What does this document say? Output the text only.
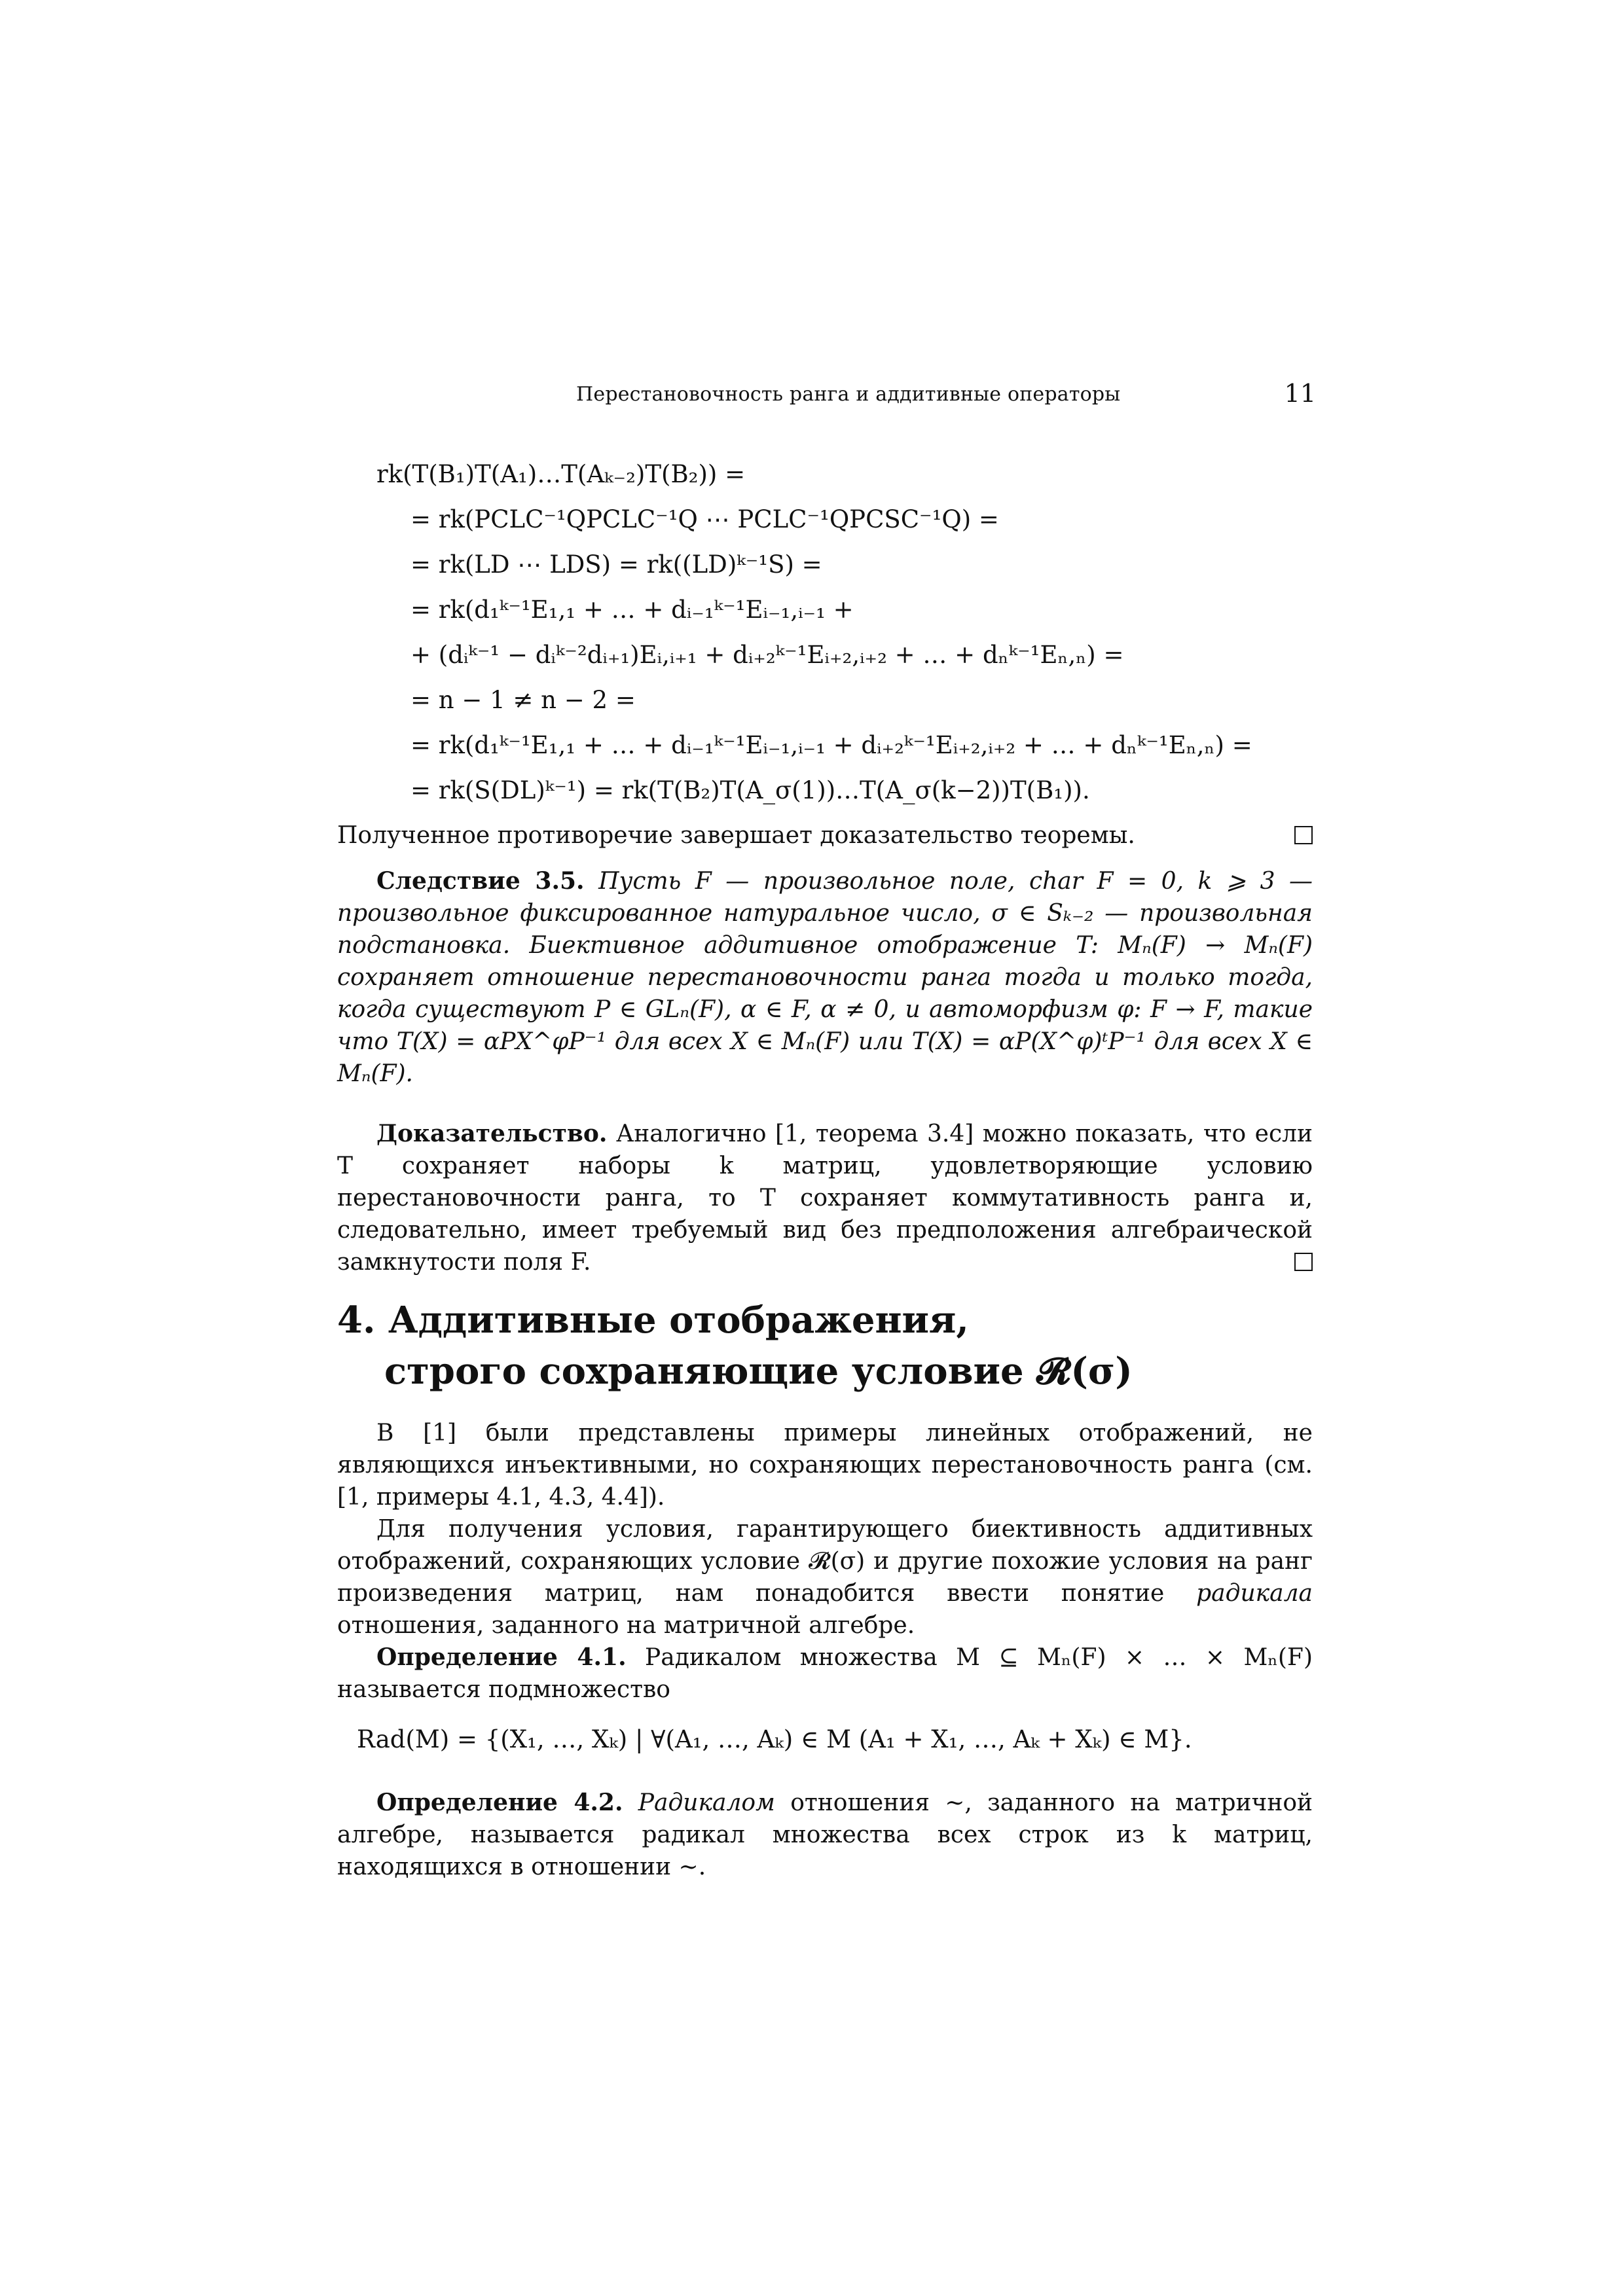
Перестановочность ранга и аддитивные операторы	11
rk(T(B₁)T(A₁)…T(Aₖ₋₂)T(B₂)) =
= rk(PCLC⁻¹QPCLC⁻¹Q ⋯ PCLC⁻¹QPCSC⁻¹Q) =
= rk(LD ⋯ LDS) = rk((LD)ᵏ⁻¹S) =
= rk(d₁ᵏ⁻¹E₁,₁ + … + dᵢ₋₁ᵏ⁻¹Eᵢ₋₁,ᵢ₋₁ +
+ (dᵢᵏ⁻¹ − dᵢᵏ⁻²dᵢ₊₁)Eᵢ,ᵢ₊₁ + dᵢ₊₂ᵏ⁻¹Eᵢ₊₂,ᵢ₊₂ + … + dₙᵏ⁻¹Eₙ,ₙ) =
= n − 1 ≠ n − 2 =
= rk(d₁ᵏ⁻¹E₁,₁ + … + dᵢ₋₁ᵏ⁻¹Eᵢ₋₁,ᵢ₋₁ + dᵢ₊₂ᵏ⁻¹Eᵢ₊₂,ᵢ₊₂ + … + dₙᵏ⁻¹Eₙ,ₙ) =
= rk(S(DL)ᵏ⁻¹) = rk(T(B₂)T(A_σ(1))…T(A_σ(k−2))T(B₁)).

Полученное противоречие завершает доказательство теоремы.

Следствие 3.5. Пусть F — произвольное поле, char F = 0, k ⩾ 3 — произвольное фиксированное натуральное число, σ ∈ Sₖ₋₂ — произвольная подстановка. Биективное аддитивное отображение T: Mₙ(F) → Mₙ(F) сохраняет отношение перестановочности ранга тогда и только тогда, когда существуют P ∈ GLₙ(F), α ∈ F, α ≠ 0, и автоморфизм φ: F → F, такие что T(X) = αPX^φP⁻¹ для всех X ∈ Mₙ(F) или T(X) = αP(X^φ)ᵗP⁻¹ для всех X ∈ Mₙ(F).

Доказательство. Аналогично [1, теорема 3.4] можно показать, что если T сохраняет наборы k матриц, удовлетворяющие условию перестановочности ранга, то T сохраняет коммутативность ранга и, следовательно, имеет требуемый вид без предположения алгебраической замкнутости поля F.

4. Аддитивные отображения,
строго сохраняющие условие 𝓡(σ)

В [1] были представлены примеры линейных отображений, не являющихся инъективными, но сохраняющих перестановочность ранга (см. [1, примеры 4.1, 4.3, 4.4]).

Для получения условия, гарантирующего биективность аддитивных отображений, сохраняющих условие 𝓡(σ) и другие похожие условия на ранг произведения матриц, нам понадобится ввести понятие радикала отношения, заданного на матричной алгебре.

Определение 4.1. Радикалом множества M ⊆ Mₙ(F) × … × Mₙ(F) называется подмножество

Rad(M) = {(X₁, …, Xₖ) | ∀(A₁, …, Aₖ) ∈ M (A₁ + X₁, …, Aₖ + Xₖ) ∈ M}.

Определение 4.2. Радикалом отношения ∼, заданного на матричной алгебре, называется радикал множества всех строк из k матриц, находящихся в отношении ∼.
